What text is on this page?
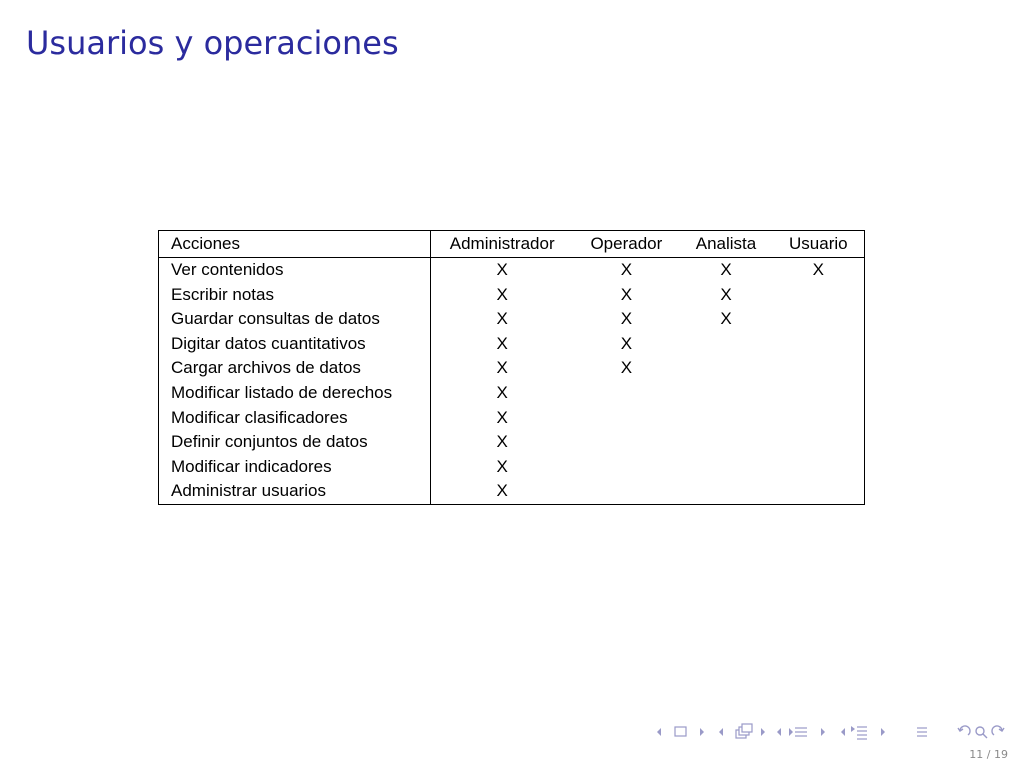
Usuarios y operaciones
Acciones	Administrador	Operador	Analista	Usuario
Ver contenidos	X	X	X	X
Escribir notas	X	X	X	
Guardar consultas de datos	X	X	X	
Digitar datos cuantitativos	X	X		
Cargar archivos de datos	X	X		
Modificar listado de derechos	X			
Modificar clasificadores	X			
Definir conjuntos de datos	X			
Modificar indicadores	X			
Administrar usuarios	X			
11 / 19
